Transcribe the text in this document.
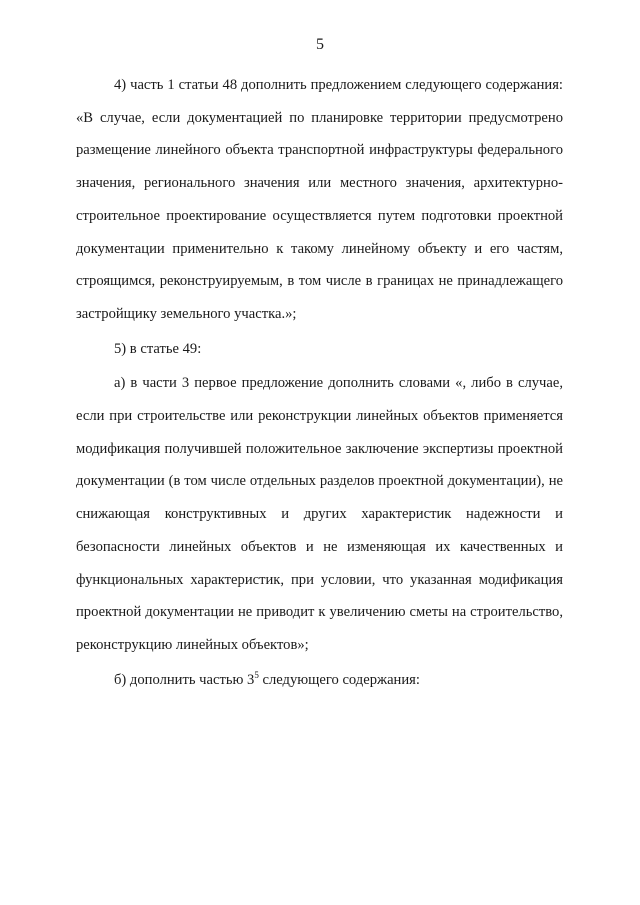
5

4) часть 1 статьи 48 дополнить предложением следующего содержания: «В случае, если документацией по планировке территории предусмотрено размещение линейного объекта транспортной инфраструктуры федерального значения, регионального значения или местного значения, архитектурно-строительное проектирование осуществляется путем подготовки проектной документации применительно к такому линейному объекту и его частям, строящимся, реконструируемым, в том числе в границах не принадлежащего застройщику земельного участка.»;

5) в статье 49:

а) в части 3 первое предложение дополнить словами «, либо в случае, если при строительстве или реконструкции линейных объектов применяется модификация получившей положительное заключение экспертизы проектной документации (в том числе отдельных разделов проектной документации), не снижающая конструктивных и других характеристик надежности и безопасности линейных объектов и не изменяющая их качественных и функциональных характеристик, при условии, что указанная модификация проектной документации не приводит к увеличению сметы на строительство, реконструкцию линейных объектов»;

б) дополнить частью $3^5$ следующего содержания:
